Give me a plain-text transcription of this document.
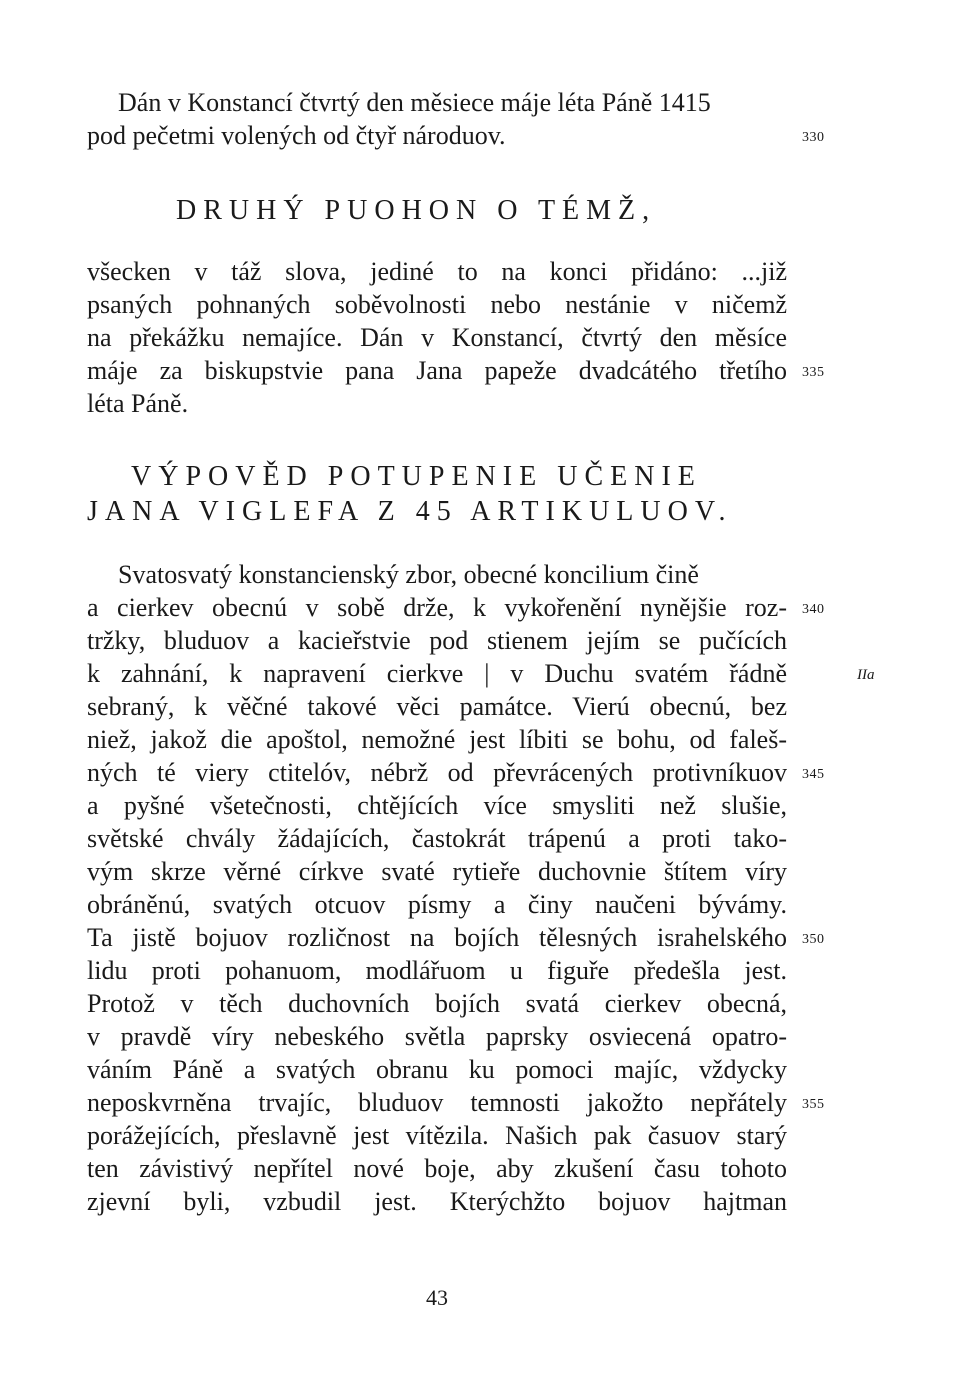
Dán v Konstancí čtvrtý den měsiece máje léta Páně 1415
pod pečetmi volených od čtyř národuov.	330
DRUHÝ PUOHON O TÉMŽ,
všecken v táž slova, jediné to na konci přidáno: ...již
psaných pohnaných soběvolnosti nebo nestánie v ničemž
na překážku nemajíce. Dán v Konstancí, čtvrtý den měsíce
máje za biskupstvie pana Jana papeže dvadcátého třetího 335
léta Páně.
VÝPOVĚD POTUPENIE UČENIE
JANA VIGLEFA Z 45 ARTIKULUOV.
Svatosvatý konstancienský zbor, obecné koncilium čině
a cierkev obecnú v sobě drže, k vykořenění nynějšie roz- 340
tržky, bluduov a kacieřstvie pod stienem jejím se pučících
k zahnání, k napravení cierkve | v Duchu svatém řádně	IIa
sebraný, k věčné takové věci památce. Vierú obecnú, bez
niež, jakož die apoštol, nemožné jest líbiti se bohu, od faleš-
ných té viery ctitelóv, nébrž od převrácených protivníkuov 345
a pyšné všetečnosti, chtějících více smysliti než slušie,
světské chvály žádajících, častokrát trápenú a proti tako-
vým skrze věrné církve svaté rytieře duchovnie štítem víry
obráněnú, svatých otcuov písmy a činy naučeni bývámy.
Ta jistě bojuov rozličnost na bojích tělesných israhelského 350
lidu proti pohanuom, modlářuom u figuře předešla jest.
Protož v těch duchovních bojích svatá cierkev obecná,
v pravdě víry nebeského světla paprsky osviecená opatro-
váním Páně a svatých obranu ku pomoci majíc, vždycky
neposkvrněna trvajíc, bluduov temnosti jakožto nepřátely 355
porážejících, přeslavně jest vítězila. Našich pak časuov starý
ten závistivý nepřítel nové boje, aby zkušení času tohoto
zjevní byli, vzbudil jest. Kterýchžto bojuov hajtman
43
